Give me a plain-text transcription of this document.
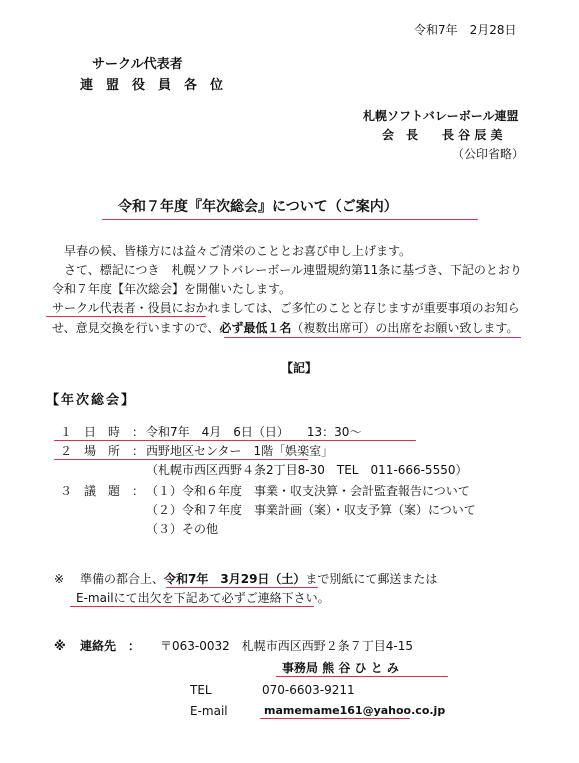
令和7年　2月28日
サークル代表者
連　盟　役　員　各　位
札幌ソフトバレーボール連盟
会　長　　長 谷 辰 美
（公印省略）
令和７年度『年次総会』について（ご案内）
早春の候、皆様方には益々ご清栄のこととお喜び申し上げます。
さて、標記につき　札幌ソフトバレーボール連盟規約第11条に基づき、下記のとおり
令和７年度【年次総会】を開催いたします。
サークル代表者・役員におかれましては、ご多忙のことと存じますが重要事項のお知ら
せ、意見交換を行いますので、必ず最低１名（複数出席可）の出席をお願い致します。
【記】
【年次総会】
１　日　時　： 令和7年　4月　6日（日）　　13：30～
２　場　所　： 西野地区センター　1階「娯楽室」
（札幌市西区西野４条2丁目8-30　TEL　011-666-5550）
３　議　題　： （１）令和６年度　事業・収支決算・会計監査報告について
（２）令和７年度　事業計画（案）・収支予算（案）について
（３）その他
※ 準備の都合上、令和7年　3月29日（土）まで別紙にて郵送または
E-mailにて出欠を下記あて必ずご連絡下さい。
※ 連絡先　： 〒063-0032　札幌市西区西野２条７丁目4-15
事務局 熊 谷 ひ と み
TEL	070-6603-9211
E-mail	mamemame161@yahoo.co.jp
